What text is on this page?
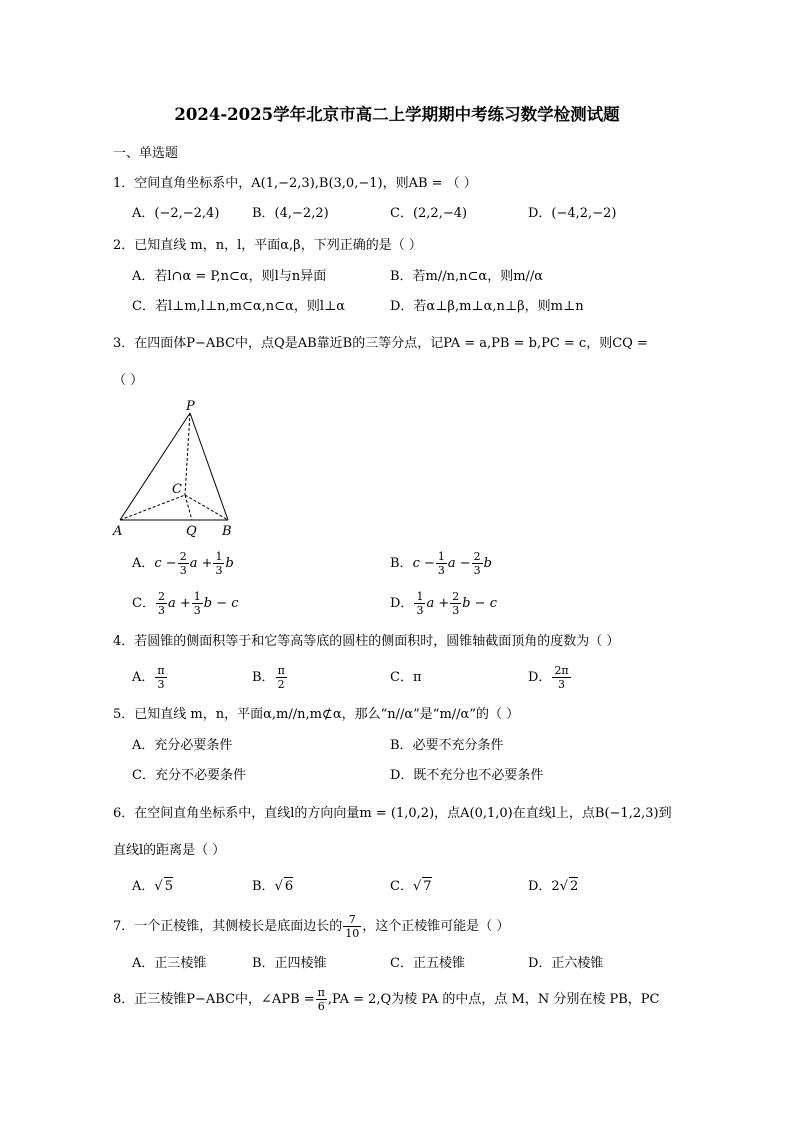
2024-2025学年北京市高二上学期期中考练习数学检测试题
一、单选题
1．空间直角坐标系中，A(1,−2,3),B(3,0,−1)，则AB = （ ）
A．(−2,−2,4)	B．(4,−2,2)	C．(2,2,−4)	D．(−4,2,−2)
2．已知直线 m，n，l，平面α,β，下列正确的是（ ）
A．若l∩α = P,n⊂α，则l与n异面	B．若m//n,n⊂α，则m//α
C．若l⊥m,l⊥n,m⊂α,n⊂α，则l⊥α	D．若α⊥β,m⊥α,n⊥β，则m⊥n
3．在四面体P−ABC中，点Q是AB靠近B的三等分点，记PA = a,PB = b,PC = c，则CQ =
（ ）
P
C
A	Q B
A．$c - \frac{2}{3}$ $a + \frac{1}{3}$ b	B．$c - \frac{1}{3}$ $a - \frac{2}{3}$ b
C． $\frac{2}{3}$ $a + \frac{1}{3}$ b − c	D． $\frac{1}{3}$ $a + \frac{2}{3}$ b − c
4．若圆锥的侧面积等于和它等高等底的圆柱的侧面积时，圆锥轴截面顶角的度数为（ ）
A． $\frac{\pi}{3}$	B． $\frac{\pi}{2}$	C．π	D． $\frac{2\pi}{3}$
5．已知直线 m，n，平面α,m//n,m⊄α，那么“n//α”是“m//α”的（ ）
A．充分必要条件	B．必要不充分条件
C．充分不必要条件	D．既不充分也不必要条件
6．在空间直角坐标系中，直线l的方向向量m = (1,0,2)，点A(0,1,0)在直线l上，点B(−1,2,3)到
直线l的距离是（ ）
A．√ 5	B．√ 6	C．√ 7	D．2√ 2
7．一个正棱锥，其侧棱长是底面边长的 $\frac{7}{10}$ ，这个正棱锥可能是（ ）
A．正三棱锥	B．正四棱锥	C．正五棱锥	D．正六棱锥
8．正三棱锥P−ABC中，∠APB = $\frac{\pi}{6} ,PA = 2,Q$为棱 PA 的中点，点 M，N 分别在棱 PB，PC
